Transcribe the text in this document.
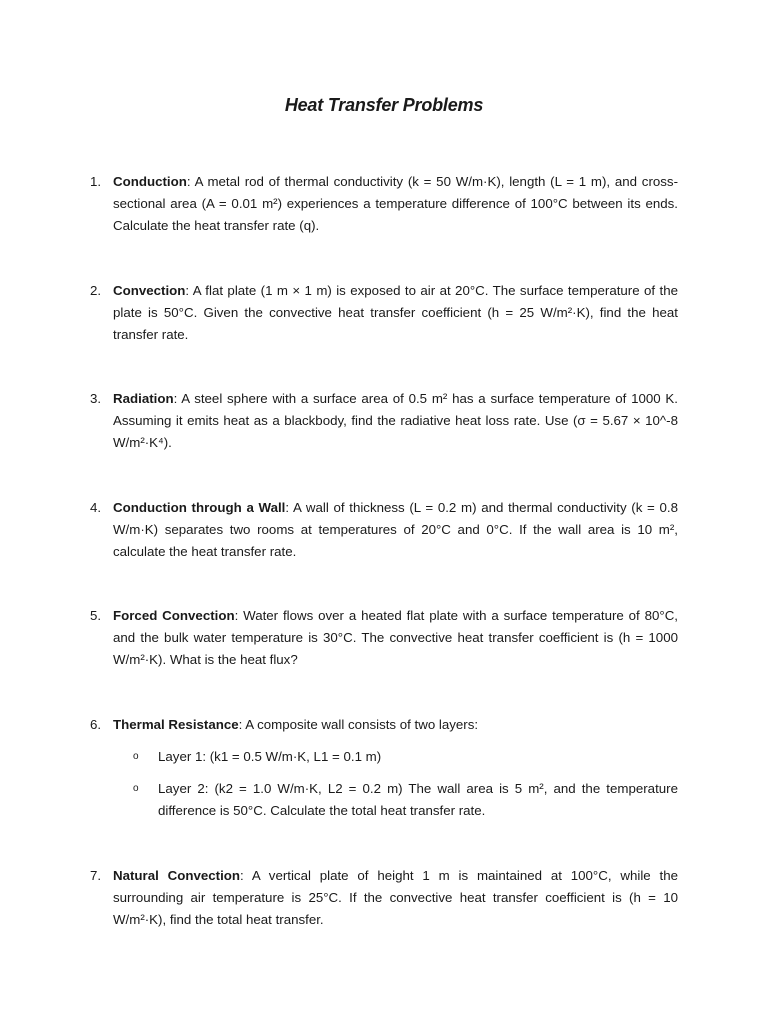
Heat Transfer Problems
1. Conduction: A metal rod of thermal conductivity (k = 50 W/m·K), length (L = 1 m), and cross-sectional area (A = 0.01 m²) experiences a temperature difference of 100°C between its ends. Calculate the heat transfer rate (q).
2. Convection: A flat plate (1 m × 1 m) is exposed to air at 20°C. The surface temperature of the plate is 50°C. Given the convective heat transfer coefficient (h = 25 W/m²·K), find the heat transfer rate.
3. Radiation: A steel sphere with a surface area of 0.5 m² has a surface temperature of 1000 K. Assuming it emits heat as a blackbody, find the radiative heat loss rate. Use (σ = 5.67 × 10^-8 W/m²·K⁴).
4. Conduction through a Wall: A wall of thickness (L = 0.2 m) and thermal conductivity (k = 0.8 W/m·K) separates two rooms at temperatures of 20°C and 0°C. If the wall area is 10 m², calculate the heat transfer rate.
5. Forced Convection: Water flows over a heated flat plate with a surface temperature of 80°C, and the bulk water temperature is 30°C. The convective heat transfer coefficient is (h = 1000 W/m²·K). What is the heat flux?
6. Thermal Resistance: A composite wall consists of two layers:
o Layer 1: (k1 = 0.5 W/m·K, L1 = 0.1 m)
o Layer 2: (k2 = 1.0 W/m·K, L2 = 0.2 m) The wall area is 5 m², and the temperature difference is 50°C. Calculate the total heat transfer rate.
7. Natural Convection: A vertical plate of height 1 m is maintained at 100°C, while the surrounding air temperature is 25°C. If the convective heat transfer coefficient is (h = 10 W/m²·K), find the total heat transfer.
